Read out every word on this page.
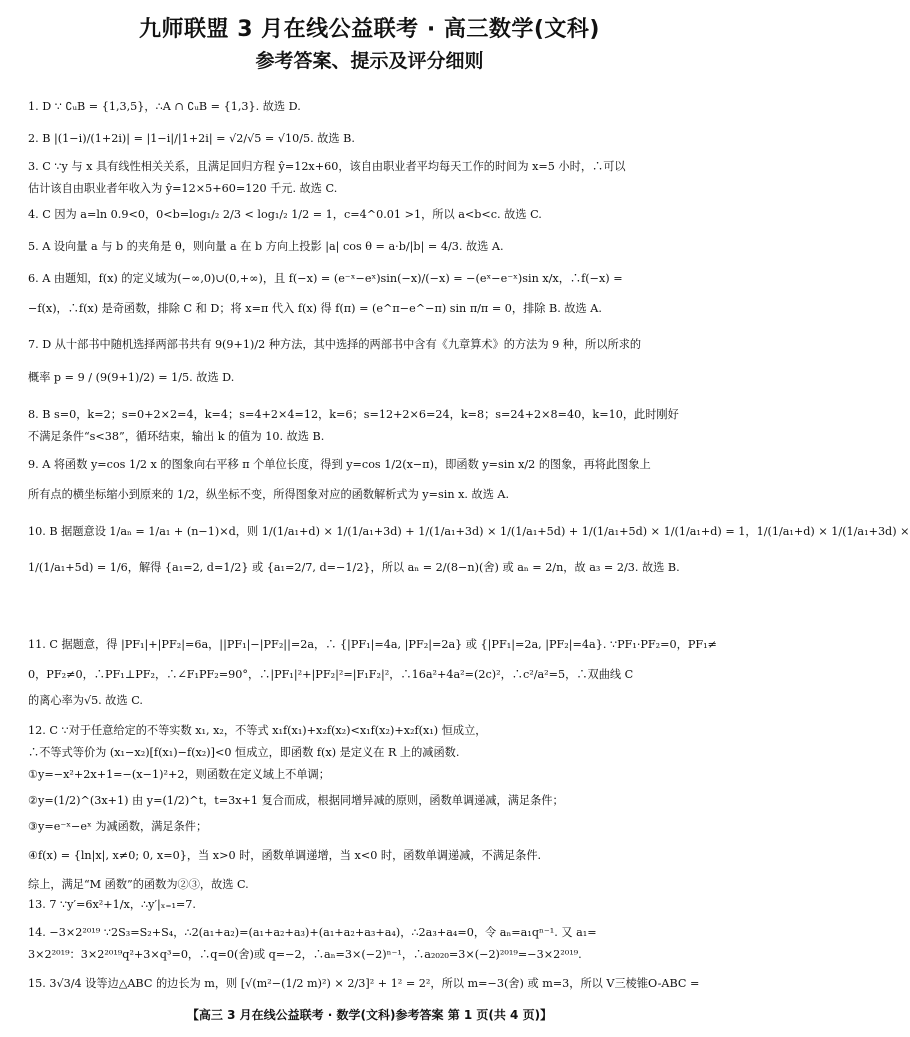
九师联盟 3 月在线公益联考 · 高三数学(文科)
参考答案、提示及评分细则
1. D ∵ ∁ᵤB = {1,3,5}，∴A ∩ ∁ᵤB = {1,3}. 故选 D.
2. B |(1−i)/(1+2i)| = |1−i|/|1+2i| = √2/√5 = √10/5. 故选 B.
3. C ∵y 与 x 具有线性相关关系，且满足回归方程 ŷ=12x+60，该自由职业者平均每天工作的时间为 x=5 小时，∴可以
估计该自由职业者年收入为 ŷ=12×5+60=120 千元. 故选 C.
4. C 因为 a=ln 0.9<0，0<b=log₁/₂ 2/3 < log₁/₂ 1/2 = 1，c=4^0.01 >1，所以 a<b<c. 故选 C.
5. A 设向量 a 与 b 的夹角是 θ，则向量 a 在 b 方向上投影 |a| cos θ = a·b/|b| = 4/3. 故选 A.
6. A 由题知，f(x) 的定义域为(−∞,0)∪(0,+∞)，且 f(−x) = (e⁻ˣ−eˣ)sin(−x)/(−x) = −(eˣ−e⁻ˣ)sin x/x，∴f(−x) =
−f(x)，∴f(x) 是奇函数，排除 C 和 D；将 x=π 代入 f(x) 得 f(π) = (e^π−e^−π) sin π/π = 0，排除 B. 故选 A.
7. D 从十部书中随机选择两部书共有 9(9+1)/2 种方法，其中选择的两部书中含有《九章算术》的方法为 9 种，所以所求的
概率 p = 9 / (9(9+1)/2) = 1/5. 故选 D.
8. B s=0，k=2；s=0+2×2=4，k=4；s=4+2×4=12，k=6；s=12+2×6=24，k=8；s=24+2×8=40，k=10，此时刚好
不满足条件“s<38”，循环结束，输出 k 的值为 10. 故选 B.
9. A 将函数 y=cos 1/2 x 的图象向右平移 π 个单位长度，得到 y=cos 1/2(x−π)，即函数 y=sin x/2 的图象，再将此图象上
所有点的横坐标缩小到原来的 1/2，纵坐标不变，所得图象对应的函数解析式为 y=sin x. 故选 A.
10. B 据题意设 1/aₙ = 1/a₁ + (n−1)×d，则 1/(1/a₁+d) × 1/(1/a₁+3d) + 1/(1/a₁+3d) × 1/(1/a₁+5d) + 1/(1/a₁+5d) × 1/(1/a₁+d) = 1，1/(1/a₁+d) × 1/(1/a₁+3d) ×
1/(1/a₁+5d) = 1/6，解得 {a₁=2, d=1/2} 或 {a₁=2/7, d=−1/2}，所以 aₙ = 2/(8−n)(舍) 或 aₙ = 2/n，故 a₃ = 2/3. 故选 B.
11. C 据题意，得 |PF₁|+|PF₂|=6a，||PF₁|−|PF₂||=2a，∴ {|PF₁|=4a, |PF₂|=2a} 或 {|PF₁|=2a, |PF₂|=4a}. ∵PF₁·PF₂=0，PF₁≠
0，PF₂≠0，∴PF₁⊥PF₂，∴∠F₁PF₂=90°，∴|PF₁|²+|PF₂|²=|F₁F₂|²，∴16a²+4a²=(2c)²，∴c²/a²=5，∴双曲线 C
的离心率为√5. 故选 C.
12. C ∵对于任意给定的不等实数 x₁, x₂，不等式 x₁f(x₁)+x₂f(x₂)<x₁f(x₂)+x₂f(x₁) 恒成立，
∴不等式等价为 (x₁−x₂)[f(x₁)−f(x₂)]<0 恒成立，即函数 f(x) 是定义在 R 上的减函数.
①y=−x²+2x+1=−(x−1)²+2，则函数在定义域上不单调；
②y=(1/2)^(3x+1) 由 y=(1/2)^t，t=3x+1 复合而成，根据同增异减的原则，函数单调递减，满足条件；
③y=e⁻ˣ−eˣ 为减函数，满足条件；
④f(x) = {ln|x|, x≠0; 0, x=0}，当 x>0 时，函数单调递增，当 x<0 时，函数单调递减，不满足条件.
综上，满足“M 函数”的函数为②③，故选 C.
13. 7 ∵y′=6x²+1/x，∴y′|ₓ₌₁=7.
14. −3×2²⁰¹⁹ ∵2S₃=S₂+S₄，∴2(a₁+a₂)=(a₁+a₂+a₃)+(a₁+a₂+a₃+a₄)，∴2a₃+a₄=0，令 aₙ=a₁qⁿ⁻¹. 又 a₁=
3×2²⁰¹⁹：3×2²⁰¹⁹q²+3×q³=0，∴q=0(舍)或 q=−2，∴aₙ=3×(−2)ⁿ⁻¹，∴a₂₀₂₀=3×(−2)²⁰¹⁹=−3×2²⁰¹⁹.
15. 3√3/4 设等边△ABC 的边长为 m，则 [√(m²−(1/2 m)²) × 2/3]² + 1² = 2²，所以 m=−3(舍) 或 m=3，所以 V三棱锥O-ABC =
【高三 3 月在线公益联考 · 数学(文科)参考答案 第 1 页(共 4 页)】
